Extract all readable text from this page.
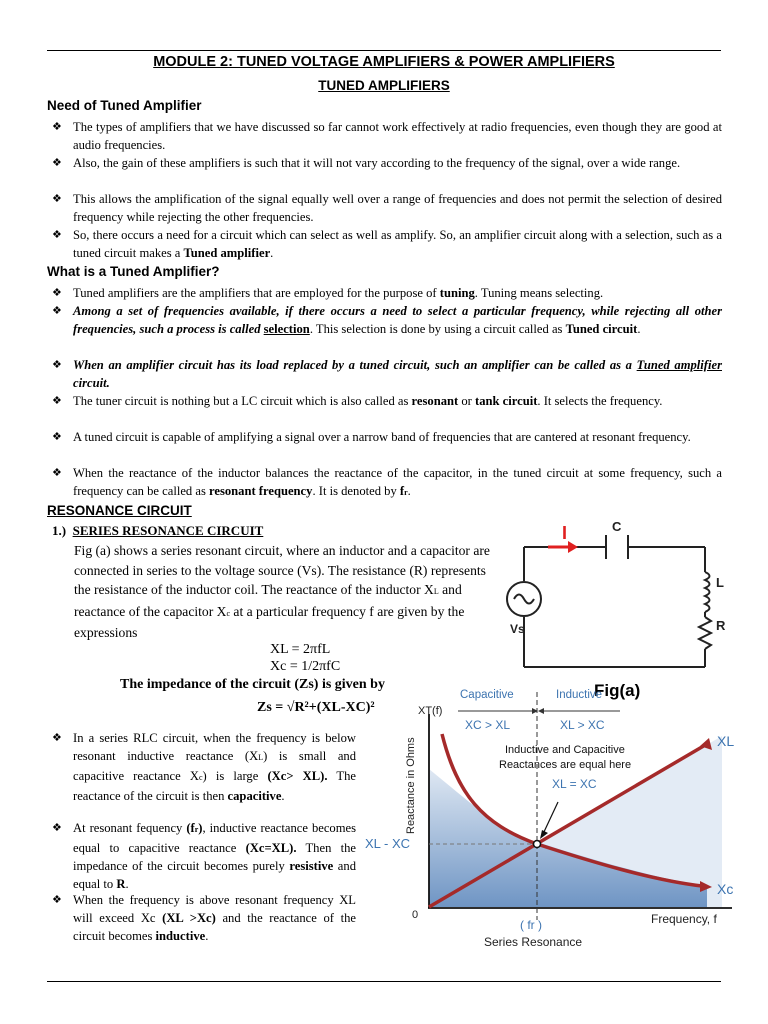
MODULE 2: TUNED VOLTAGE AMPLIFIERS & POWER AMPLIFIERS
TUNED AMPLIFIERS
Need of Tuned Amplifier
❖ The types of amplifiers that we have discussed so far cannot work effectively at radio frequencies, even though they are good at audio frequencies.
❖ Also, the gain of these amplifiers is such that it will not vary according to the frequency of the signal, over a wide range.
❖ This allows the amplification of the signal equally well over a range of frequencies and does not permit the selection of desired frequency while rejecting the other frequencies.
❖ So, there occurs a need for a circuit which can select as well as amplify. So, an amplifier circuit along with a selection, such as a tuned circuit makes a Tuned amplifier.
What is a Tuned Amplifier?
❖ Tuned amplifiers are the amplifiers that are employed for the purpose of tuning. Tuning means selecting.
❖ Among a set of frequencies available, if there occurs a need to select a particular frequency, while rejecting all other frequencies, such a process is called selection. This selection is done by using a circuit called as Tuned circuit.
❖ When an amplifier circuit has its load replaced by a tuned circuit, such an amplifier can be called as a Tuned amplifier circuit.
❖ The tuner circuit is nothing but a LC circuit which is also called as resonant or tank circuit. It selects the frequency.
❖ A tuned circuit is capable of amplifying a signal over a narrow band of frequencies that are cantered at resonant frequency.
❖ When the reactance of the inductor balances the reactance of the capacitor, in the tuned circuit at some frequency, such a frequency can be called as resonant frequency. It is denoted by fr.
RESONANCE CIRCUIT
1.) SERIES RESONANCE CIRCUIT
Fig (a) shows a series resonant circuit, where an inductor and a capacitor are connected in series to the voltage source (Vs). The resistance (R) represents the resistance of the inductor coil. The reactance of the inductor XL and reactance of the capacitor Xc at a particular frequency f are given by the expressions
XL = 2πfL
Xc = 1/2πfC
The impedance of the circuit (Zs) is given by
Zs = √R²+(XL-XC)²
I	C
L
R
Vs
❖ In a series RLC circuit, when the frequency is below resonant inductive reactance (XL) is small and capacitive reactance Xc) is large (Xc> XL). The reactance of the circuit is then capacitive.
❖ At resonant fequency (fr), inductive reactance becomes equal to capacitive reactance (Xc=XL). Then the impedance of the circuit becomes purely resistive and equal to R.
❖ When the frequency is above resonant frequency XL will exceed Xc (XL >Xc) and the reactance of the circuit becomes inductive.
Fig(a)
Capacitive
XC > XL
Inductive
XL > XC
XT(f)
Reactance in Ohms	XL
Xc
XL - XC
0
Inductive and Capacitive
Reactances are equal here
XL = XC
( fr )
Series Resonance
Frequency, f
